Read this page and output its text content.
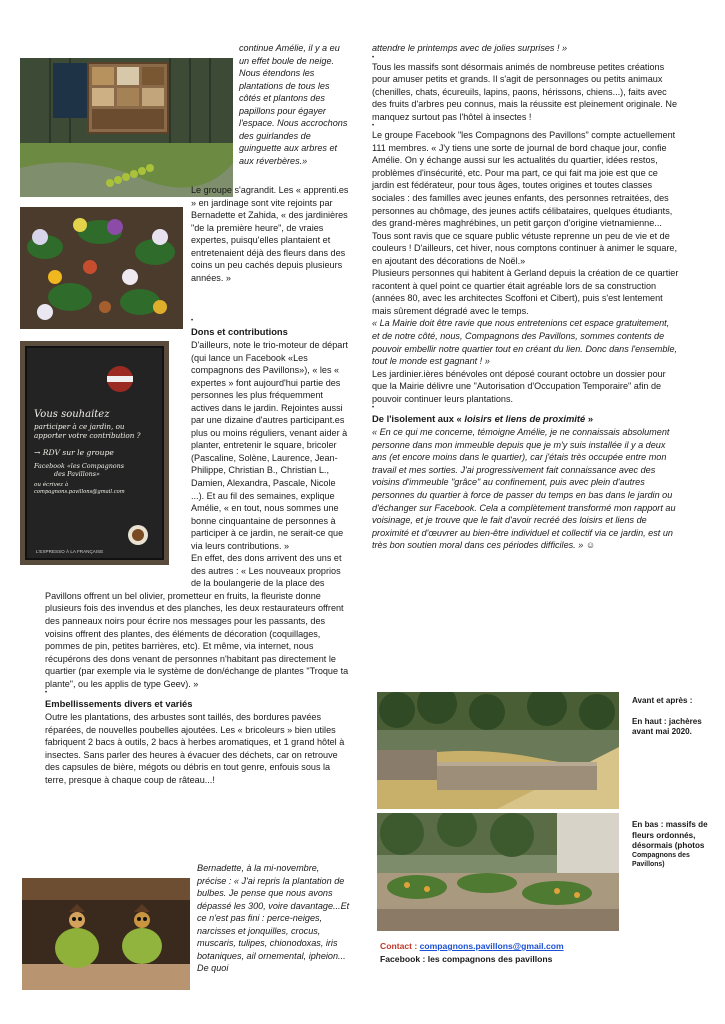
Vous souhaitez
participer à ce jardin, ou
apporter votre contribution ?
→ RDV sur le groupe
Facebook «les Compagnons
des Pavillons»
ou écrivez à
compagnons.pavillons@gmail.com
L'EXPRESSO À LA FRANÇAISE

continue Amélie, il y a eu un effet boule de neige. Nous étendons les plantations de tous les côtés et plantons des papillons pour égayer l'espace. Nous accrochons des guirlandes de guinguette aux arbres et aux réverbères.»

Le groupe s'agrandit. Les « apprenti.es » en jardinage sont vite rejoints par Bernadette et Zahida, « des jardinières "de la première heure", de vraies expertes, puisqu'elles plantaient et entretenaient déjà des fleurs dans des coins un peu cachés depuis plusieurs années. »

•
Dons et contributions

D'ailleurs, note le trio-moteur de départ (qui lance un Facebook «Les compagnons des Pavillons»), « les « expertes » font aujourd'hui partie des personnes les plus fréquemment actives dans le jardin. Rejointes aussi par une dizaine d'autres participant.es plus ou moins réguliers, venant aider à planter, entretenir le square, bricoler (Pascaline, Solène, Laurence, Jean-Philippe, Christian B., Christian L., Damien, Alexandra, Pascale, Nicole ...). Et au fil des semaines, explique Amélie, « en tout, nous sommes une bonne cinquantaine de personnes à participer à ce jardin, ne serait-ce que via leurs contributions. »

En effet, des dons arrivent des uns et des autres : « Les nouveaux proprios de la boulangerie de la place des Pavillons offrent un bel olivier, prometteur en fruits, la fleuriste donne plusieurs fois des invendus et des planches, les deux restaurateurs offrent des panneaux noirs pour écrire nos messages pour les passants, des voisins offrent des plantes, des éléments de décoration (coquillages, pommes de pin, petites barrières, etc). Et même, via internet, nous récupérons des dons venant de personnes n'habitant pas directement le quartier (par exemple via le système de don/échange de plantes "Troque ta plante", ou les applis de type Geev). »

•
Embellissements divers et variés

Outre les plantations, des arbustes sont taillés, des bordures pavées réparées, de nouvelles poubelles ajoutées. Les « bricoleurs » bien utiles fabriquent 2 bacs à outils, 2 bacs à herbes aromatiques, et 1 grand hôtel à insectes. Sans parler des heures à évacuer des déchets, car on retrouve des capsules de bière, mégots ou débris en tout genre, enfouis sous la terre, presque à chaque coup de râteau...!

Bernadette, à la mi-novembre, précise : « J'ai repris la plantation de bulbes. Je pense que nous avons dépassé les 300, voire davantage...Et ce n'est pas fini : perce-neiges, narcisses et jonquilles, crocus, muscaris, tulipes, chionodoxas, iris botaniques, ail ornemental, ipheion... De quoi

attendre le printemps avec de jolies surprises ! »

•

Tous les massifs sont désormais animés de nombreuse petites créations pour amuser petits et grands. Il s'agit de personnages ou petits animaux (chenilles, chats, écureuils, lapins, paons, hérissons, chiens...), faits avec des fruits d'arbres peu connus, mais la réussite est pleinement originale. Ne manquez surtout pas l'hôtel à insectes !

•

Le groupe Facebook "les Compagnons des Pavillons" compte actuellement 111 membres. « J'y tiens une sorte de journal de bord chaque jour, confie Amélie. On y échange aussi sur les actualités du quartier, idées restos, problèmes d'insécurité, etc. Pour ma part, ce qui fait ma joie est que ce jardin est fédérateur, pour tous âges, toutes origines et toutes classes sociales : des familles avec jeunes enfants, des personnes retraitées, des personnes au chômage, des jeunes actifs célibataires, quelques étudiants, des grand-mères maghrébines, un petit garçon d'origine vietnamienne... Tous sont ravis que ce square public vétuste reprenne un peu de vie et de couleurs ! D'ailleurs, cet hiver, nous comptons continuer à animer le square, en ajoutant des décorations de Noël.»

Plusieurs personnes qui habitent à Gerland depuis la création de ce quartier racontent à quel point ce quartier était agréable lors de sa construction (années 80, avec les architectes Scoffoni et Cibert), puis s'est lentement mais sûrement dégradé avec le temps.

« La Mairie doit être ravie que nous entretenions cet espace gratuitement, et de notre côté, nous, Compagnons des Pavillons, sommes contents de pouvoir embellir notre quartier tout en créant du lien. Donc dans l'ensemble, tout le monde est gagnant ! »

Les jardinier.ières bénévoles ont déposé courant octobre un dossier pour que la Mairie délivre une "Autorisation d'Occupation Temporaire" afin de pouvoir continuer leurs plantations.

•
De l'isolement aux « loisirs et liens de proximité »

« En ce qui me concerne, témoigne Amélie, je ne connaissais absolument personne dans mon immeuble depuis que je m'y suis installée il y a deux ans (et encore moins dans le quartier), car j'étais très occupée entre mon travail et mes sorties. J'ai progressivement fait connaissance avec des voisins d'immeuble "grâce" au confinement, puis avec plein d'autres personnes du quartier à force de passer du temps en bas dans le jardin ou d'échanger sur Facebook. Cela a complètement transformé mon rapport au voisinage, et je trouve que le fait d'avoir recréé des loisirs et liens de proximité et d'œuvrer au bien-être individuel et collectif via ce jardin, est un très bon soutien moral dans ces périodes difficiles. » ☺

Avant et après :
En haut : jachères avant mai 2020.
En bas : massifs de fleurs ordonnés, désormais (photos
Compagnons des Pavillons)
Contact : compagnons.pavillons@gmail.com
Facebook : les compagnons des pavillons
